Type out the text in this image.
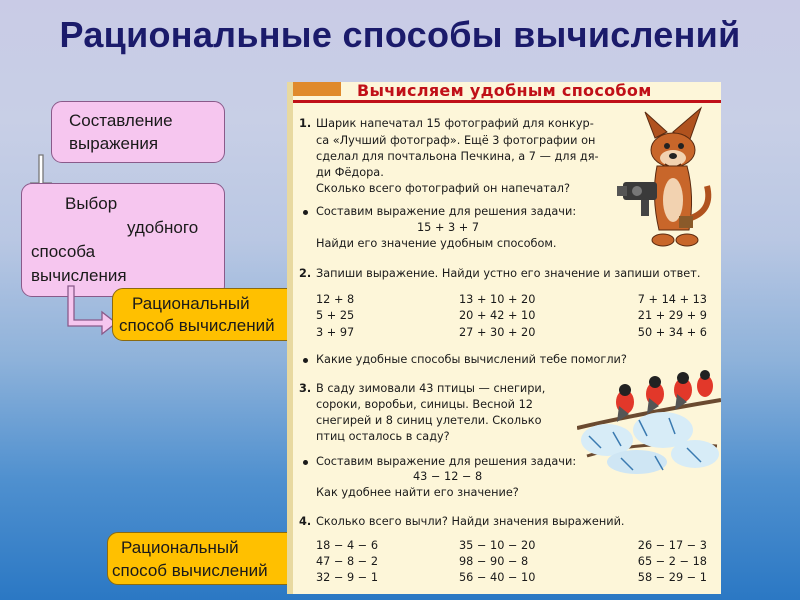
Рациональные способы вычислений
Составление
выражения
Выбор
удобного
способа
вычисления
Рациональный
способ вычислений
Рациональный
способ вычислений
Вычисляем удобным способом
1. Шарик напечатал 15 фотографий для конкур-
са «Лучший фотограф». Ещё 3 фотографии он
сделал для почтальона Печкина, а 7 — для дя-
ди Фёдора.
Сколько всего фотографий он напечатал?
Составим выражение для решения задачи:
15 + 3 + 7
Найди его значение удобным способом.
2. Запиши выражение. Найди устно его значение и запиши ответ.
12 + 8
5 + 25
3 + 97
13 + 10 + 20
20 + 42 + 10
27 + 30 + 20
7 + 14 + 13
21 + 29 + 9
50 + 34 + 6
Какие удобные способы вычислений тебе помогли?
3. В саду зимовали 43 птицы — снегири,
сороки, воробьи, синицы. Весной 12
снегирей и 8 синиц улетели. Сколько
птиц осталось в саду?
Составим выражение для решения задачи:
43 − 12 − 8
Как удобнее найти его значение?
4. Сколько всего вычли? Найди значения выражений.
18 − 4 − 6
47 − 8 − 2
32 − 9 − 1
35 − 10 − 20
98 − 90 − 8
56 − 40 − 10
26 − 17 − 3
65 − 2 − 18
58 − 29 − 1
